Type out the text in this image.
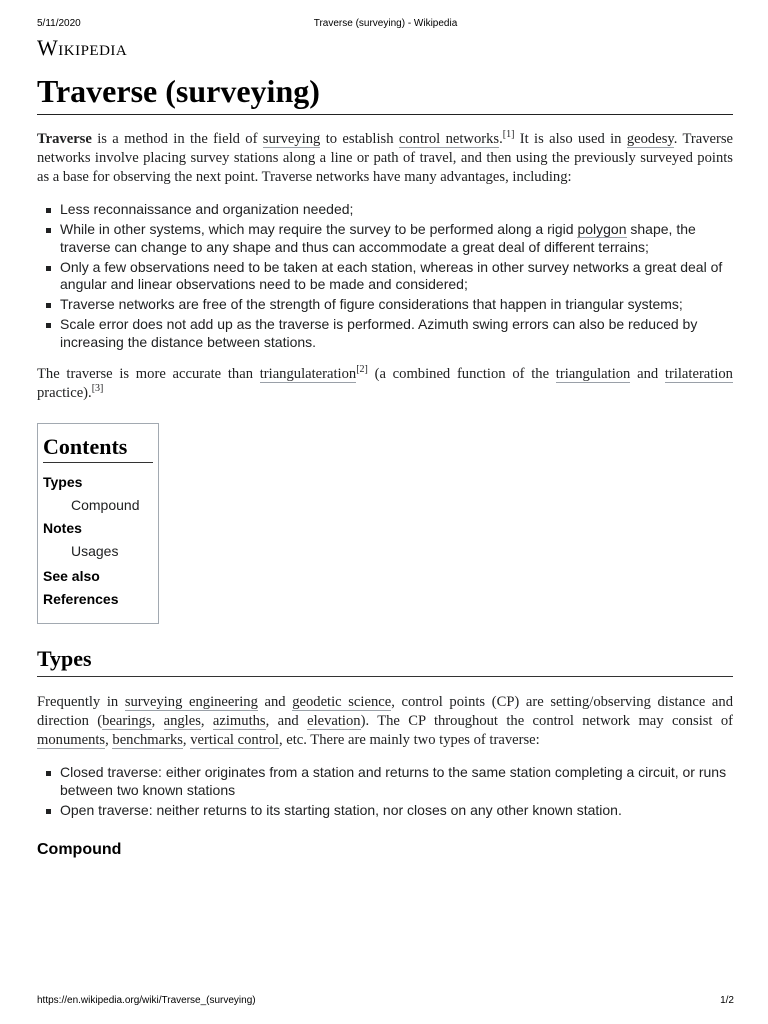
5/11/2020	Traverse (surveying) - Wikipedia
Wikipedia
Traverse (surveying)

Traverse is a method in the field of surveying to establish control networks.[1] It is also used in geodesy. Traverse networks involve placing survey stations along a line or path of travel, and then using the previously surveyed points as a base for observing the next point. Traverse networks have many advantages, including:

Less reconnaissance and organization needed;
While in other systems, which may require the survey to be performed along a rigid polygon shape, the traverse can change to any shape and thus can accommodate a great deal of different terrains;
Only a few observations need to be taken at each station, whereas in other survey networks a great deal of angular and linear observations need to be made and considered;
Traverse networks are free of the strength of figure considerations that happen in triangular systems;
Scale error does not add up as the traverse is performed. Azimuth swing errors can also be reduced by increasing the distance between stations.

The traverse is more accurate than triangulateration[2] (a combined function of the triangulation and trilateration practice).[3]

Contents
Types
Compound
Notes
Usages
See also
References
Types

Frequently in surveying engineering and geodetic science, control points (CP) are setting/observing distance and direction (bearings, angles, azimuths, and elevation). The CP throughout the control network may consist of monuments, benchmarks, vertical control, etc. There are mainly two types of traverse:

Closed traverse: either originates from a station and returns to the same station completing a circuit, or runs between two known stations
Open traverse: neither returns to its starting station, nor closes on any other known station.
Compound
https://en.wikipedia.org/wiki/Traverse_(surveying)	1/2
